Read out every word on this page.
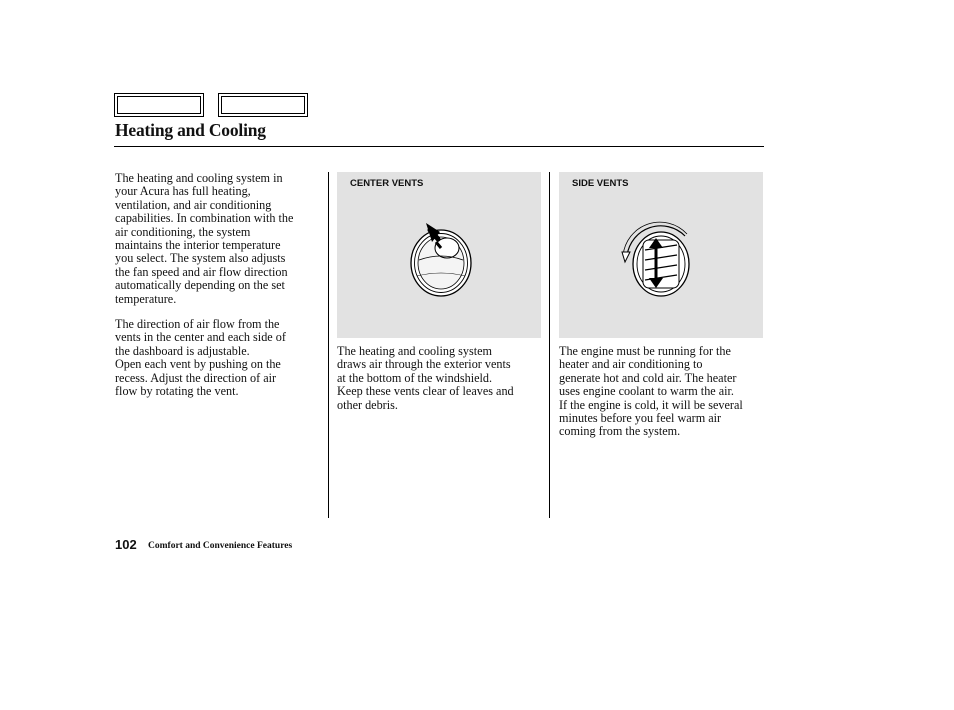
Heating and Cooling
The heating and cooling system in
your Acura has full heating,
ventilation, and air conditioning
capabilities. In combination with the
air conditioning, the system
maintains the interior temperature
you select. The system also adjusts
the fan speed and air flow direction
automatically depending on the set
temperature.
The direction of air flow from the
vents in the center and each side of
the dashboard is adjustable.
Open each vent by pushing on the
recess. Adjust the direction of air
flow by rotating the vent.
CENTER VENTS	SIDE VENTS
The heating and cooling system
draws air through the exterior vents
at the bottom of the windshield.
Keep these vents clear of leaves and
other debris.
The engine must be running for the
heater and air conditioning to
generate hot and cold air. The heater
uses engine coolant to warm the air.
If the engine is cold, it will be several
minutes before you feel warm air
coming from the system.
102 Comfort and Convenience Features
